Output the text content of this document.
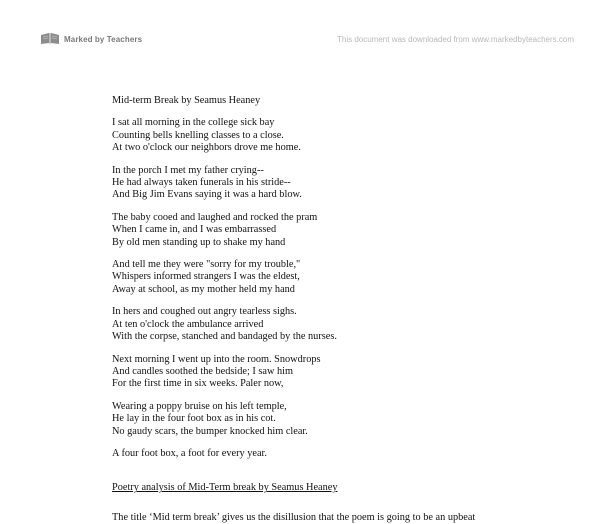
Marked by Teachers	This document was downloaded from www.markedbyteachers.com
Mid-term Break by Seamus Heaney
I sat all morning in the college sick bay
Counting bells knelling classes to a close.
At two o'clock our neighbors drove me home.
In the porch I met my father crying--
He had always taken funerals in his stride--
And Big Jim Evans saying it was a hard blow.
The baby cooed and laughed and rocked the pram
When I came in, and I was embarrassed
By old men standing up to shake my hand
And tell me they were "sorry for my trouble,"
Whispers informed strangers I was the eldest,
Away at school, as my mother held my hand
In hers and coughed out angry tearless sighs.
At ten o'clock the ambulance arrived
With the corpse, stanched and bandaged by the nurses.
Next morning I went up into the room. Snowdrops
And candles soothed the bedside; I saw him
For the first time in six weeks. Paler now,
Wearing a poppy bruise on his left temple,
He lay in the four foot box as in his cot.
No gaudy scars, the bumper knocked him clear.
A four foot box, a foot for every year.
Poetry analysis of Mid-Term break by Seamus Heaney
The title ‘Mid term break’ gives us the disillusion that the poem is going to be an upbeat
